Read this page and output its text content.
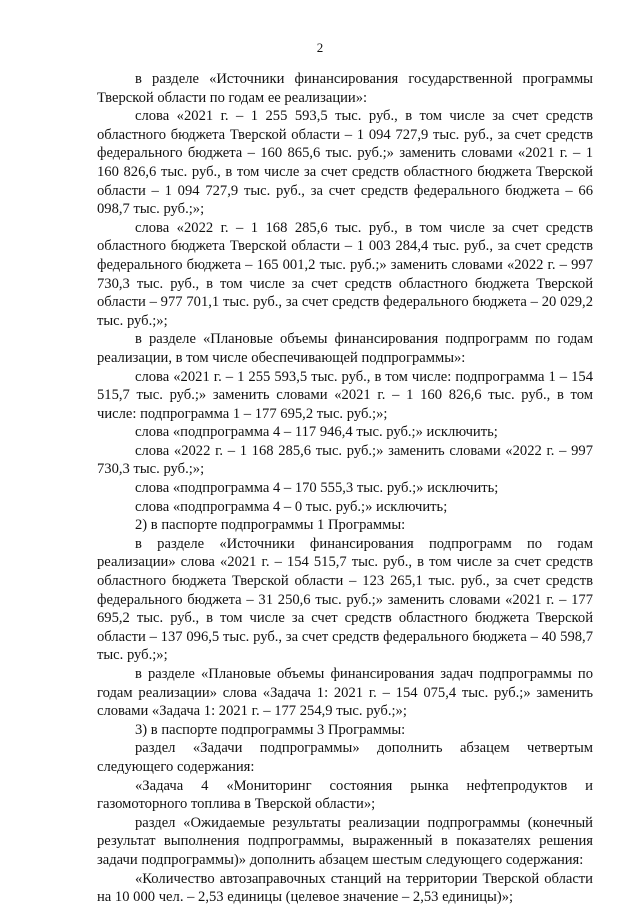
2

в разделе «Источники финансирования государственной программы Тверской области по годам ее реализации»:

слова «2021 г. – 1 255 593,5 тыс. руб., в том числе за счет средств областного бюджета Тверской области – 1 094 727,9 тыс. руб., за счет средств федерального бюджета – 160 865,6 тыс. руб.;» заменить словами «2021 г. – 1 160 826,6 тыс. руб., в том числе за счет средств областного бюджета Тверской области – 1 094 727,9 тыс. руб., за счет средств федерального бюджета – 66 098,7 тыс. руб.;»;

слова «2022 г. – 1 168 285,6 тыс. руб., в том числе за счет средств областного бюджета Тверской области – 1 003 284,4 тыс. руб., за счет средств федерального бюджета – 165 001,2 тыс. руб.;» заменить словами «2022 г. – 997 730,3 тыс. руб., в том числе за счет средств областного бюджета Тверской области – 977 701,1 тыс. руб., за счет средств федерального бюджета – 20 029,2 тыс. руб.;»;

в разделе «Плановые объемы финансирования подпрограмм по годам реализации, в том числе обеспечивающей подпрограммы»:

слова «2021 г. – 1 255 593,5 тыс. руб., в том числе: подпрограмма 1 – 154 515,7 тыс. руб.;» заменить словами «2021 г. – 1 160 826,6 тыс. руб., в том числе: подпрограмма 1 – 177 695,2 тыс. руб.;»;

слова «подпрограмма 4 – 117 946,4 тыс. руб.;» исключить;

слова «2022 г. – 1 168 285,6 тыс. руб.;» заменить словами «2022 г. – 997 730,3 тыс. руб.;»;

слова «подпрограмма 4 – 170 555,3 тыс. руб.;» исключить;

слова «подпрограмма 4 – 0 тыс. руб.;» исключить;

2) в паспорте подпрограммы 1 Программы:

в разделе «Источники финансирования подпрограмм по годам реализации» слова «2021 г. – 154 515,7 тыс. руб., в том числе за счет средств областного бюджета Тверской области – 123 265,1 тыс. руб., за счет средств федерального бюджета – 31 250,6 тыс. руб.;» заменить словами «2021 г. – 177 695,2 тыс. руб., в том числе за счет средств областного бюджета Тверской области – 137 096,5 тыс. руб., за счет средств федерального бюджета – 40 598,7 тыс. руб.;»;

в разделе «Плановые объемы финансирования задач подпрограммы по годам реализации» слова «Задача 1: 2021 г. – 154 075,4 тыс. руб.;» заменить словами «Задача 1: 2021 г. – 177 254,9 тыс. руб.;»;

3) в паспорте подпрограммы 3 Программы:

раздел «Задачи подпрограммы» дополнить абзацем четвертым следующего содержания:

«Задача 4 «Мониторинг состояния рынка нефтепродуктов и газомоторного топлива в Тверской области»;

раздел «Ожидаемые результаты реализации подпрограммы (конечный результат выполнения подпрограммы, выраженный в показателях решения задачи подпрограммы)» дополнить абзацем шестым следующего содержания:

«Количество автозаправочных станций на территории Тверской области на 10 000 чел. – 2,53 единицы (целевое значение – 2,53 единицы)»;
